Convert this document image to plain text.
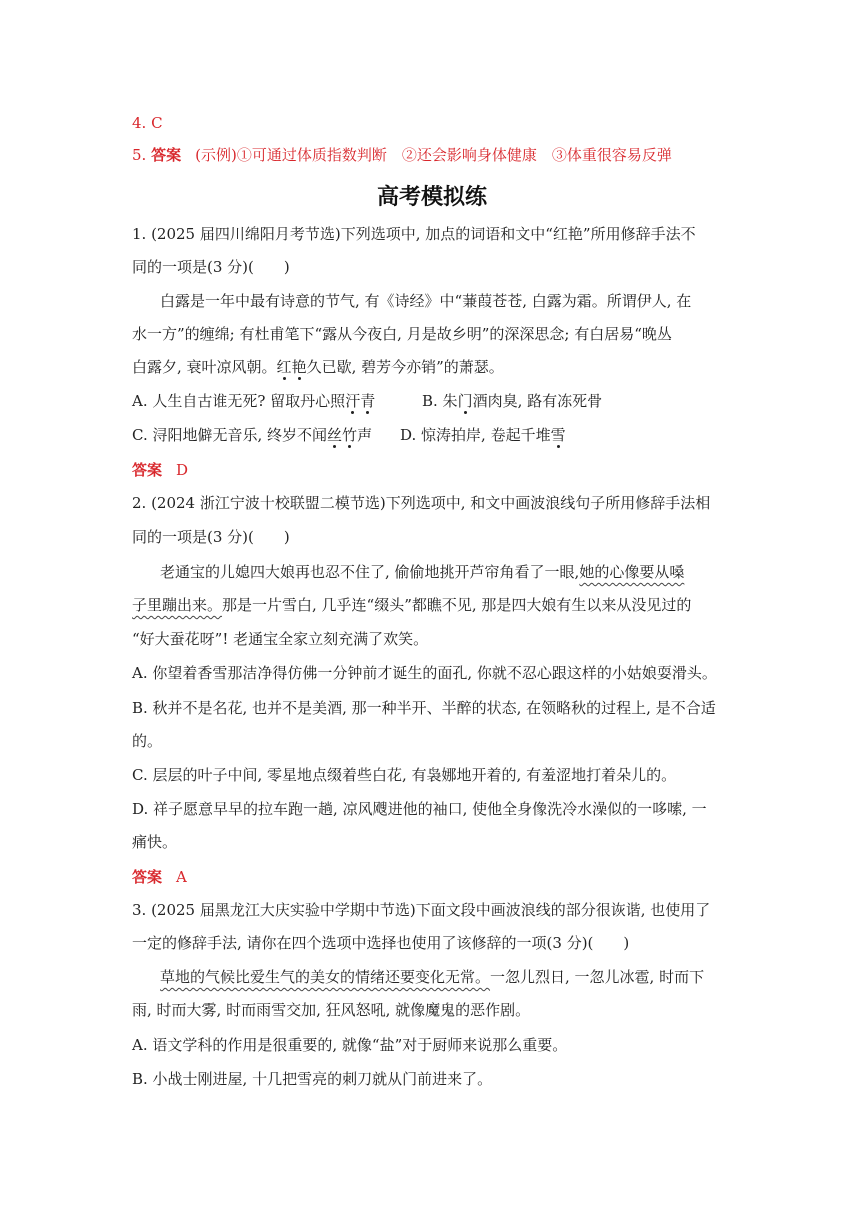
4. C
5. 答案 (示例)①可通过体质指数判断　②还会影响身体健康　③体重很容易反弹
高考模拟练
1. (2025 届四川绵阳月考节选)下列选项中, 加点的词语和文中“红艳”所用修辞手法不
同的一项是(3 分)(　　)
白露是一年中最有诗意的节气, 有《诗经》中“蒹葭苍苍, 白露为霜。所谓伊人, 在
水一方”的缠绵; 有杜甫笔下“露从今夜白, 月是故乡明”的深深思念; 有白居易“晚丛
白露夕, 衰叶凉风朝。红艳久已歇, 碧芳今亦销”的萧瑟。
A. 人生自古谁无死? 留取丹心照汗青	B. 朱门酒肉臭, 路有冻死骨
C. 浔阳地僻无音乐, 终岁不闻丝竹声 D. 惊涛拍岸, 卷起千堆雪
答案 D
2. (2024 浙江宁波十校联盟二模节选)下列选项中, 和文中画波浪线句子所用修辞手法相
同的一项是(3 分)(　　)
老通宝的儿媳四大娘再也忍不住了, 偷偷地挑开芦帘角看了一眼,她的心像要从嗓
子里蹦出来。那是一片雪白, 几乎连“缀头”都瞧不见, 那是四大娘有生以来从没见过的
“好大蚕花呀”! 老通宝全家立刻充满了欢笑。
A. 你望着香雪那洁净得仿佛一分钟前才诞生的面孔, 你就不忍心跟这样的小姑娘耍滑头。
B. 秋并不是名花, 也并不是美酒, 那一种半开、半醉的状态, 在领略秋的过程上, 是不合适
的。
C. 层层的叶子中间, 零星地点缀着些白花, 有袅娜地开着的, 有羞涩地打着朵儿的。
D. 祥子愿意早早的拉车跑一趟, 凉风飕进他的袖口, 使他全身像洗冷水澡似的一哆嗦, 一
痛快。
答案 A
3. (2025 届黑龙江大庆实验中学期中节选)下面文段中画波浪线的部分很诙谐, 也使用了
一定的修辞手法, 请你在四个选项中选择也使用了该修辞的一项(3 分)(　　)
草地的气候比爱生气的美女的情绪还要变化无常。一忽儿烈日, 一忽儿冰雹, 时而下
雨, 时而大雾, 时而雨雪交加, 狂风怒吼, 就像魔鬼的恶作剧。
A. 语文学科的作用是很重要的, 就像“盐”对于厨师来说那么重要。
B. 小战士刚进屋, 十几把雪亮的刺刀就从门前进来了。
